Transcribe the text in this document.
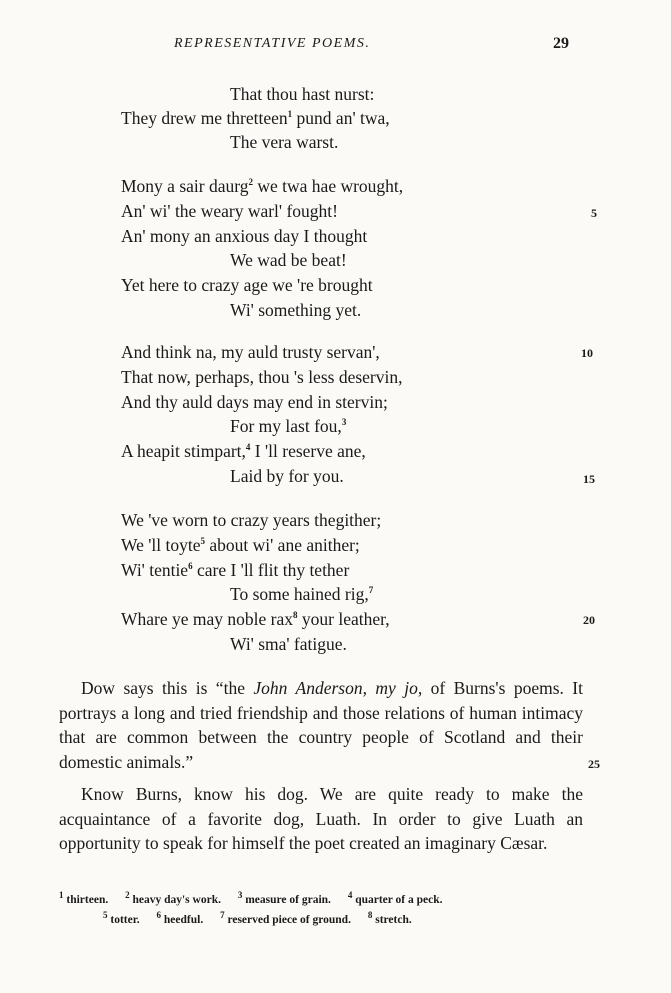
REPRESENTATIVE POEMS.	29
That thou hast nurst:
They drew me thretteen$^1$ pund an' twa,
The vera warst.
Mony a sair daurg$^2$ we twa hae wrought,
An' wi' the weary warl' fought!	5
An' mony an anxious day I thought
We wad be beat!
Yet here to crazy age we 're brought
Wi' something yet.
And think na, my auld trusty servan',	10
That now, perhaps, thou 's less deservin,
And thy auld days may end in stervin;
For my last fou,$^3$
A heapit stimpart,$^4$ I 'll reserve ane,
Laid by for you.	15
We 've worn to crazy years thegither;
We 'll toyte$^5$ about wi' ane anither;
Wi' tentie$^6$ care I 'll flit thy tether
To some hained rig,$^7$
Whare ye may noble rax$^8$ your leather,	20
Wi' sma' fatigue.

Dow says this is “the John Anderson, my jo, of Burns's poems. It portrays a long and tried friendship and those relations of human intimacy that are common between the country people of Scotland and their domestic animals.”	25

Know Burns, know his dog. We are quite ready to make the acquaintance of a favorite dog, Luath. In order to give Luath an opportunity to speak for himself the poet created an imaginary Cæsar.

$^1$ thirteen. $^2$ heavy day's work. $^3$ measure of grain. $^4$ quarter of a peck.
$^5$ totter. $^6$ heedful. $^7$ reserved piece of ground. $^8$ stretch.
